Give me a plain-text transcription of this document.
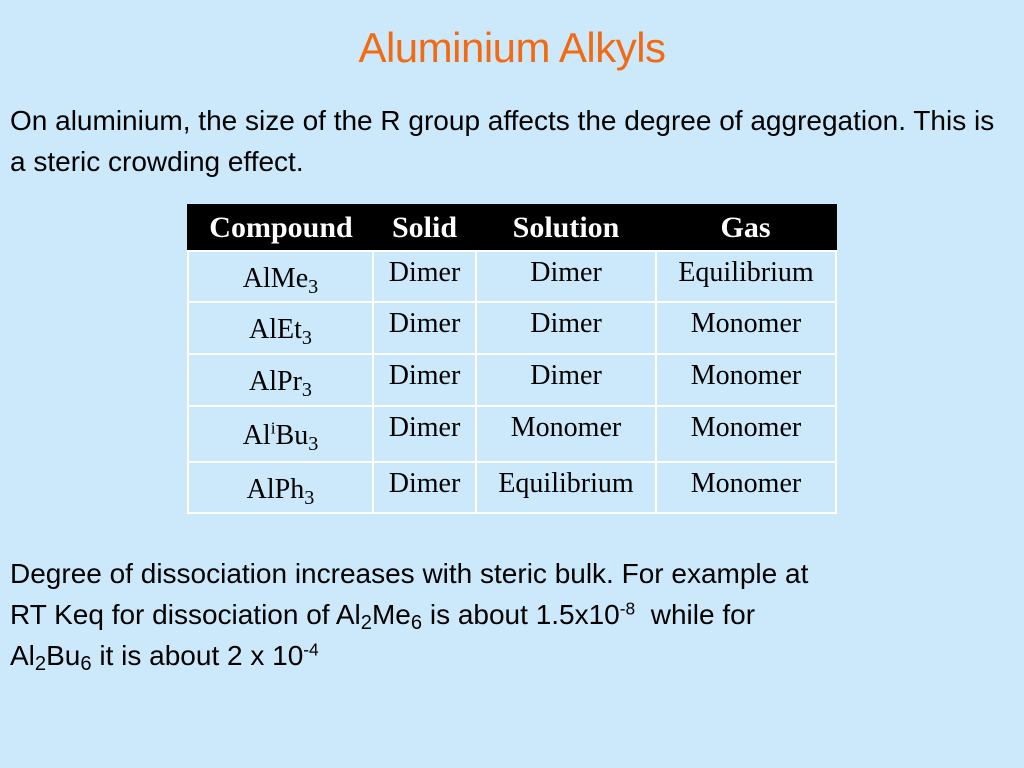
Aluminium Alkyls
On aluminium, the size of the R group affects the degree of aggregation. This is a steric crowding effect.
Compound	Solid	Solution	Gas
AlMe$_3$	Dimer	Dimer	Equilibrium
AlEt$_3$	Dimer	Dimer	Monomer
AlPr$_3$	Dimer	Dimer	Monomer
$Al^iBu_3$	Dimer	Monomer	Monomer
AlPh$_3$	Dimer	Equilibrium	Monomer
Degree of dissociation increases with steric bulk. For example at
RT Keq for dissociation of $Al_2Me_6$ is about $1.5x10^{-8}$  while for
$Al_2Bu_6$ it is about 2 x $10^{-4}$
